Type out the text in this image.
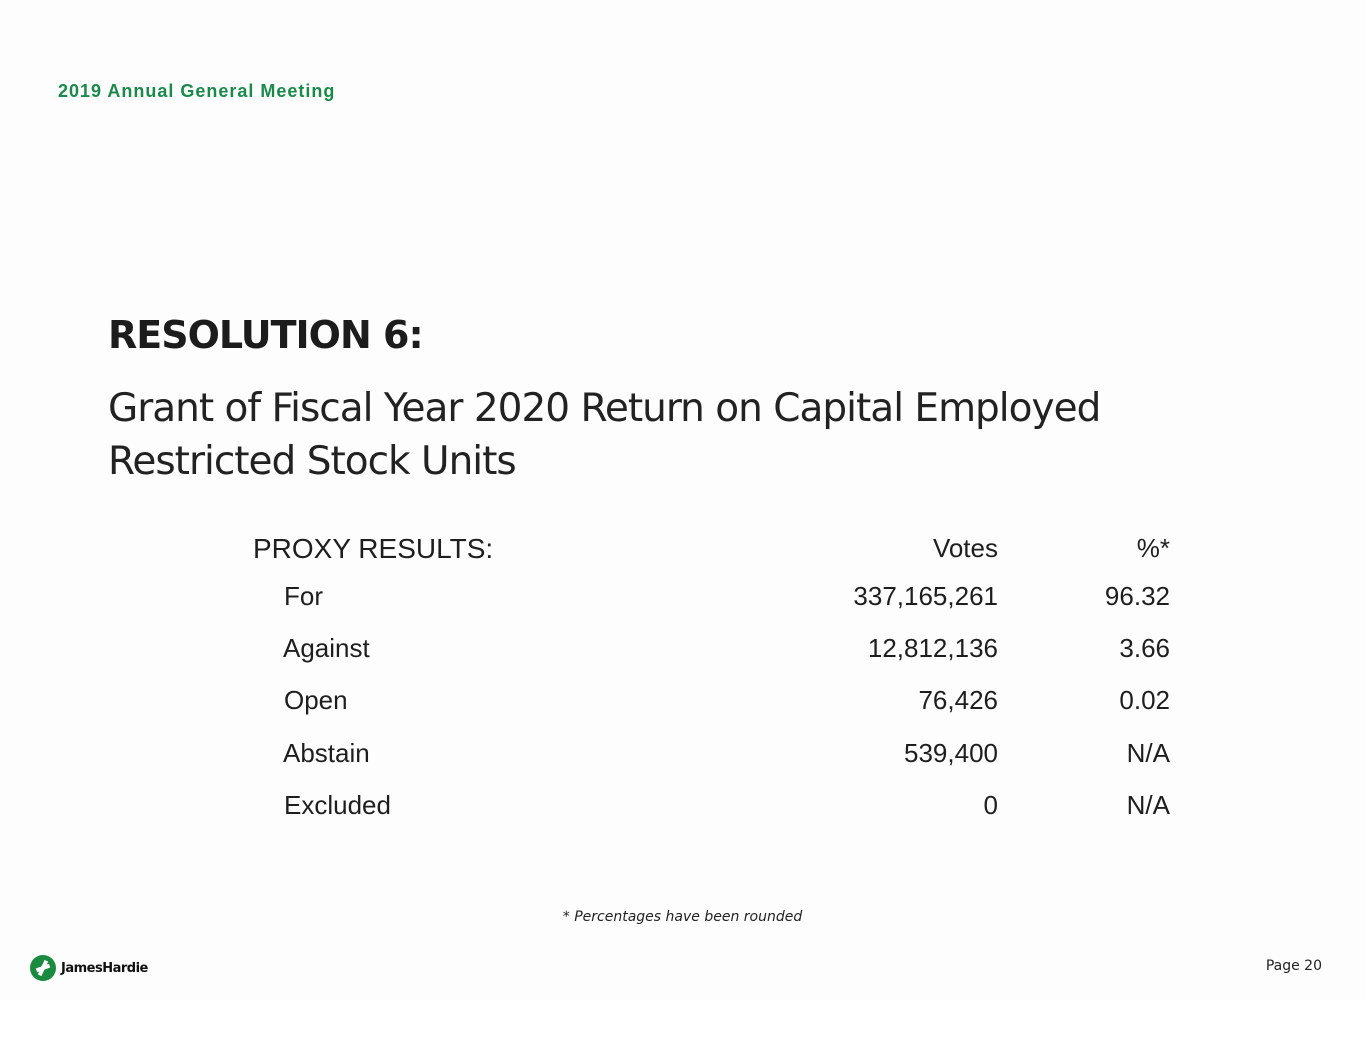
2019 Annual General Meeting
RESOLUTION 6:
Grant of Fiscal Year 2020 Return on Capital Employed Restricted Stock Units
PROXY RESULTS:	Votes	%*
For	337,165,261	96.32
Against	12,812,136	3.66
Open	76,426	0.02
Abstain	539,400	N/A
Excluded	0	N/A
* Percentages have been rounded
JamesHardie	Page 20
